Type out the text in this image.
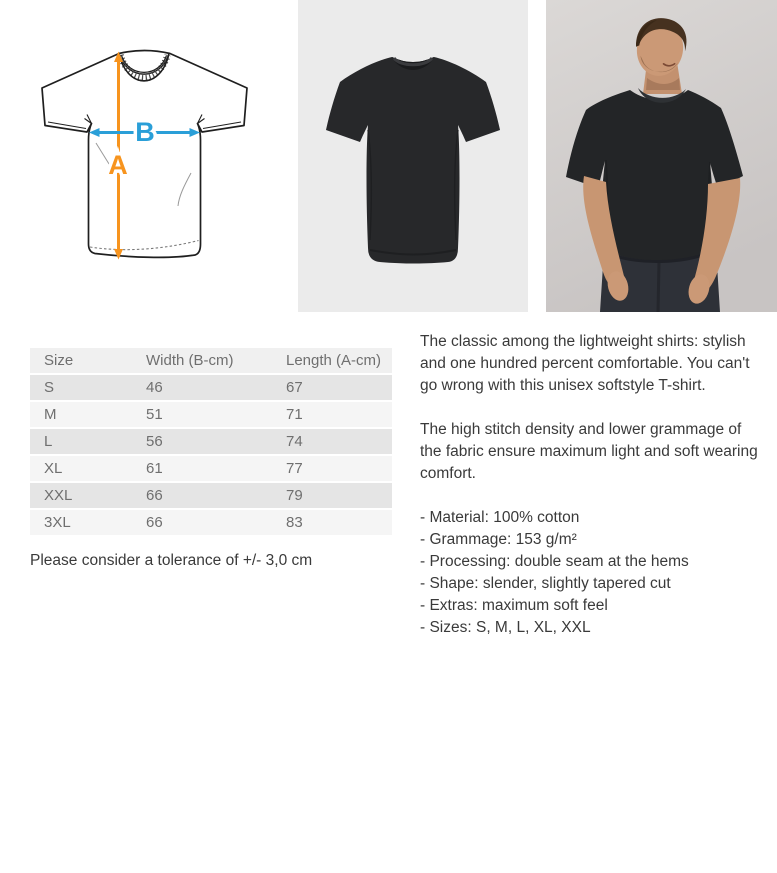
B
A
Size	Width (B-cm)	Length (A-cm)
S	46	67
M	51	71
L	56	74
XL	61	77
XXL	66	79
3XL	66	83

Please consider a tolerance of +/- 3,0 cm

The classic among the lightweight shirts: stylish and one hundred percent comfortable. You can't go wrong with this unisex softstyle T-shirt.

The high stitch density and lower grammage of the fabric ensure maximum light and soft wearing comfort.

- Material: 100% cotton
- Grammage: 153 g/m²
- Processing: double seam at the hems
- Shape: slender, slightly tapered cut
- Extras: maximum soft feel
- Sizes: S, M, L, XL, XXL
